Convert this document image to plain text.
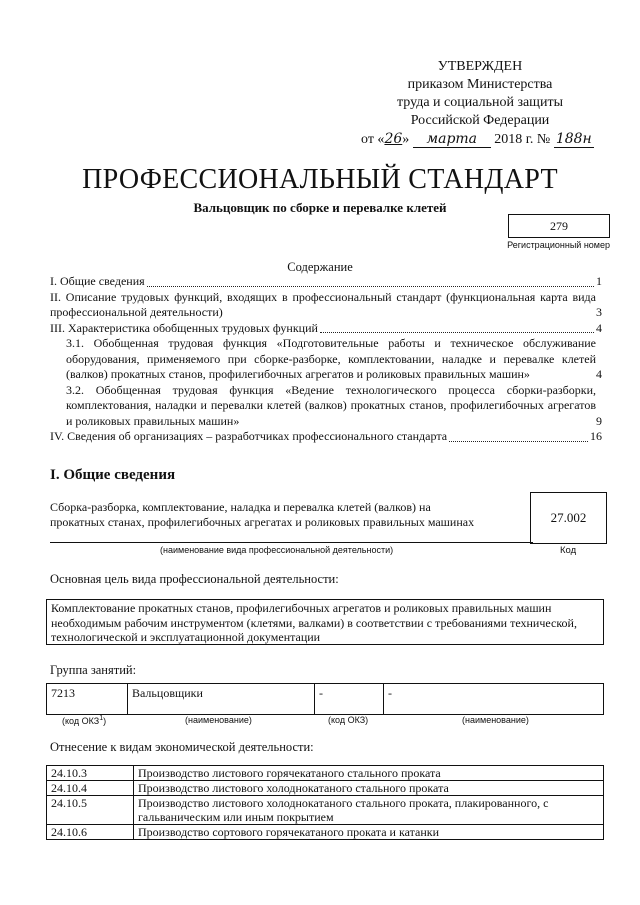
УТВЕРЖДЕН
приказом Министерства
труда и социальной защиты
Российской Федерации
от «26» марта 2018 г. № 188н
ПРОФЕССИОНАЛЬНЫЙ СТАНДАРТ
Вальцовщик по сборке и перевалке клетей
279
Регистрационный номер
Содержание
I. Общие сведения	1
II. Описание трудовых функций, входящих в профессиональный стандарт (функциональная карта вида профессиональной деятельности)	3
III. Характеристика обобщенных трудовых функций	4
3.1. Обобщенная трудовая функция «Подготовительные работы и техническое обслуживание оборудования, применяемого при сборке-разборке, комплектовании, наладке и перевалке клетей (валков) прокатных станов, профилегибочных агрегатов и роликовых правильных машин»	4
3.2. Обобщенная трудовая функция «Ведение технологического процесса сборки-разборки, комплектования, наладки и перевалки клетей (валков) прокатных станов, профилегибочных агрегатов и роликовых правильных машин»	9
IV. Сведения об организациях – разработчиках профессионального стандарта	16
I. Общие сведения
Сборка-разборка, комплектование, наладка и перевалка клетей (валков) на прокатных станах, профилегибочных агрегатах и роликовых правильных машинах	27.002
(наименование вида профессиональной деятельности)	Код
Основная цель вида профессиональной деятельности:
Комплектование прокатных станов, профилегибочных агрегатов и роликовых правильных машин необходимым рабочим инструментом (клетями, валками) в соответствии с требованиями технической, технологической и эксплуатационной документации
Группа занятий:
7213	Вальцовщики	-	-
(код ОКЗ$^1$)	(наименование)	(код ОКЗ)	(наименование)
Отнесение к видам экономической деятельности:
24.10.3	Производство листового горячекатаного стального проката
24.10.4	Производство листового холоднокатаного стального проката
24.10.5	Производство листового холоднокатаного стального проката, плакированного, с гальваническим или иным покрытием
24.10.6	Производство сортового горячекатаного проката и катанки
